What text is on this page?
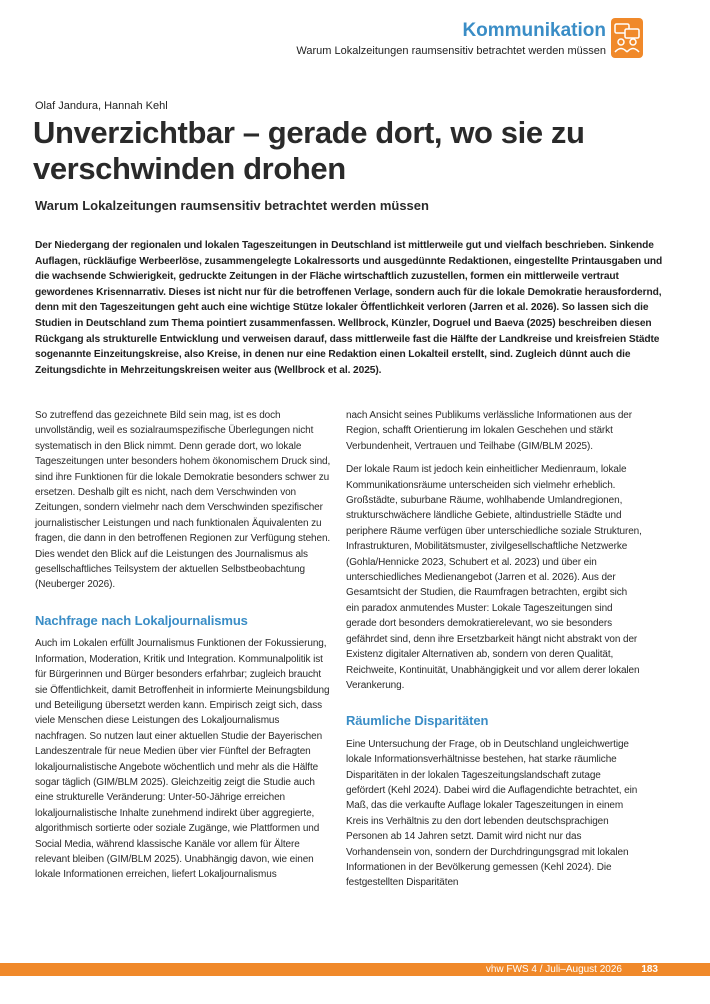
Kommunikation
Warum Lokalzeitungen raumsensitiv betrachtet werden müssen
Olaf Jandura, Hannah Kehl
Unverzichtbar – gerade dort, wo sie zu
verschwinden drohen
Warum Lokalzeitungen raumsensitiv betrachtet werden müssen

Der Niedergang der regionalen und lokalen Tageszeitungen in Deutschland ist mittlerweile gut und vielfach beschrieben. Sinkende Auflagen, rückläufige Werbeerlöse, zusammengelegte Lokalressorts und ausgedünnte Redaktionen, eingestellte Printausgaben und die wachsende Schwierigkeit, gedruckte Zeitungen in der Fläche wirtschaftlich zuzustellen, formen ein mittlerweile vertraut gewordenes Krisennarrativ. Dieses ist nicht nur für die betroffenen Verlage, sondern auch für die lokale Demokratie herausfordernd, denn mit den Tageszeitungen geht auch eine wichtige Stütze lokaler Öffentlichkeit verloren (Jarren et al. 2026). So lassen sich die Studien in Deutschland zum Thema pointiert zusammenfassen. Wellbrock, Künzler, Dogruel und Baeva (2025) beschreiben diesen Rückgang als strukturelle Entwicklung und verweisen darauf, dass mittlerweile fast die Hälfte der Landkreise und kreisfreien Städte sogenannte Einzeitungskreise, also Kreise, in denen nur eine Redaktion einen Lokalteil erstellt, sind. Zugleich dünnt auch die Zeitungsdichte in Mehrzeitungskreisen weiter aus (Wellbrock et al. 2025).

So zutreffend das gezeichnete Bild sein mag, ist es doch unvollständig, weil es sozialraumspezifische Überlegungen nicht systematisch in den Blick nimmt. Denn gerade dort, wo lokale Tageszeitungen unter besonders hohem ökonomischem Druck sind, sind ihre Funktionen für die lokale Demokratie besonders schwer zu ersetzen. Deshalb gilt es nicht, nach dem Verschwinden von Zeitungen, sondern vielmehr nach dem Verschwinden spezifischer journalistischer Leistungen und nach funktionalen Äquivalenten zu fragen, die dann in den betroffenen Regionen zur Verfügung stehen. Dies wendet den Blick auf die Leistungen des Journalismus als gesellschaftliches Teilsystem der aktuellen Selbstbeobachtung (Neuberger 2026).

Nachfrage nach Lokaljournalismus

Auch im Lokalen erfüllt Journalismus Funktionen der Fokussierung, Information, Moderation, Kritik und Integration. Kommunalpolitik ist für Bürgerinnen und Bürger besonders erfahrbar; zugleich braucht sie Öffentlichkeit, damit Betroffenheit in informierte Meinungsbildung und Beteiligung übersetzt werden kann. Empirisch zeigt sich, dass viele Menschen diese Leistungen des Lokaljournalismus nachfragen. So nutzen laut einer aktuellen Studie der Bayerischen Landeszentrale für neue Medien über vier Fünftel der Befragten lokaljournalistische Angebote wöchentlich und mehr als die Hälfte sogar täglich (GIM/BLM 2025). Gleichzeitig zeigt die Studie auch eine strukturelle Veränderung: Unter-50-Jährige erreichen lokaljournalistische Inhalte zunehmend indirekt über aggregierte, algorithmisch sortierte oder soziale Zugänge, wie Plattformen und Social Media, während klassische Kanäle vor allem für Ältere relevant bleiben (GIM/BLM 2025). Unabhängig davon, wie einen lokale Informationen erreichen, liefert Lokaljournalismus

nach Ansicht seines Publikums verlässliche Informationen aus der Region, schafft Orientierung im lokalen Geschehen und stärkt Verbundenheit, Vertrauen und Teilhabe (GIM/BLM 2025).

Der lokale Raum ist jedoch kein einheitlicher Medienraum, lokale Kommunikationsräume unterscheiden sich vielmehr erheblich. Großstädte, suburbane Räume, wohlhabende Umlandregionen, strukturschwächere ländliche Gebiete, altindustrielle Städte und periphere Räume verfügen über unterschiedliche soziale Strukturen, Infrastrukturen, Mobilitätsmuster, zivilgesellschaftliche Netzwerke (Gohla/Hennicke 2023, Schubert et al. 2023) und über ein unterschiedliches Medienangebot (Jarren et al. 2026). Aus der Gesamtsicht der Studien, die Raumfragen betrachten, ergibt sich ein paradox anmutendes Muster: Lokale Tageszeitungen sind gerade dort besonders demokratierelevant, wo sie besonders gefährdet sind, denn ihre Ersetzbarkeit hängt nicht abstrakt von der Existenz digitaler Alternativen ab, sondern von deren Qualität, Reichweite, Kontinuität, Unabhängigkeit und vor allem derer lokalen Verankerung.

Räumliche Disparitäten

Eine Untersuchung der Frage, ob in Deutschland ungleichwertige lokale Informationsverhältnisse bestehen, hat starke räumliche Disparitäten in der lokalen Tageszeitungslandschaft zutage gefördert (Kehl 2024). Dabei wird die Auflagendichte betrachtet, ein Maß, das die verkaufte Auflage lokaler Tageszeitungen in einem Kreis ins Verhältnis zu den dort lebenden deutschsprachigen Personen ab 14 Jahren setzt. Damit wird nicht nur das Vorhandensein von, sondern der Durchdringungsgrad mit lokalen Informationen in der Bevölkerung gemessen (Kehl 2024). Die festgestellten Disparitäten

vhw FWS 4 / Juli–August 2026 183
